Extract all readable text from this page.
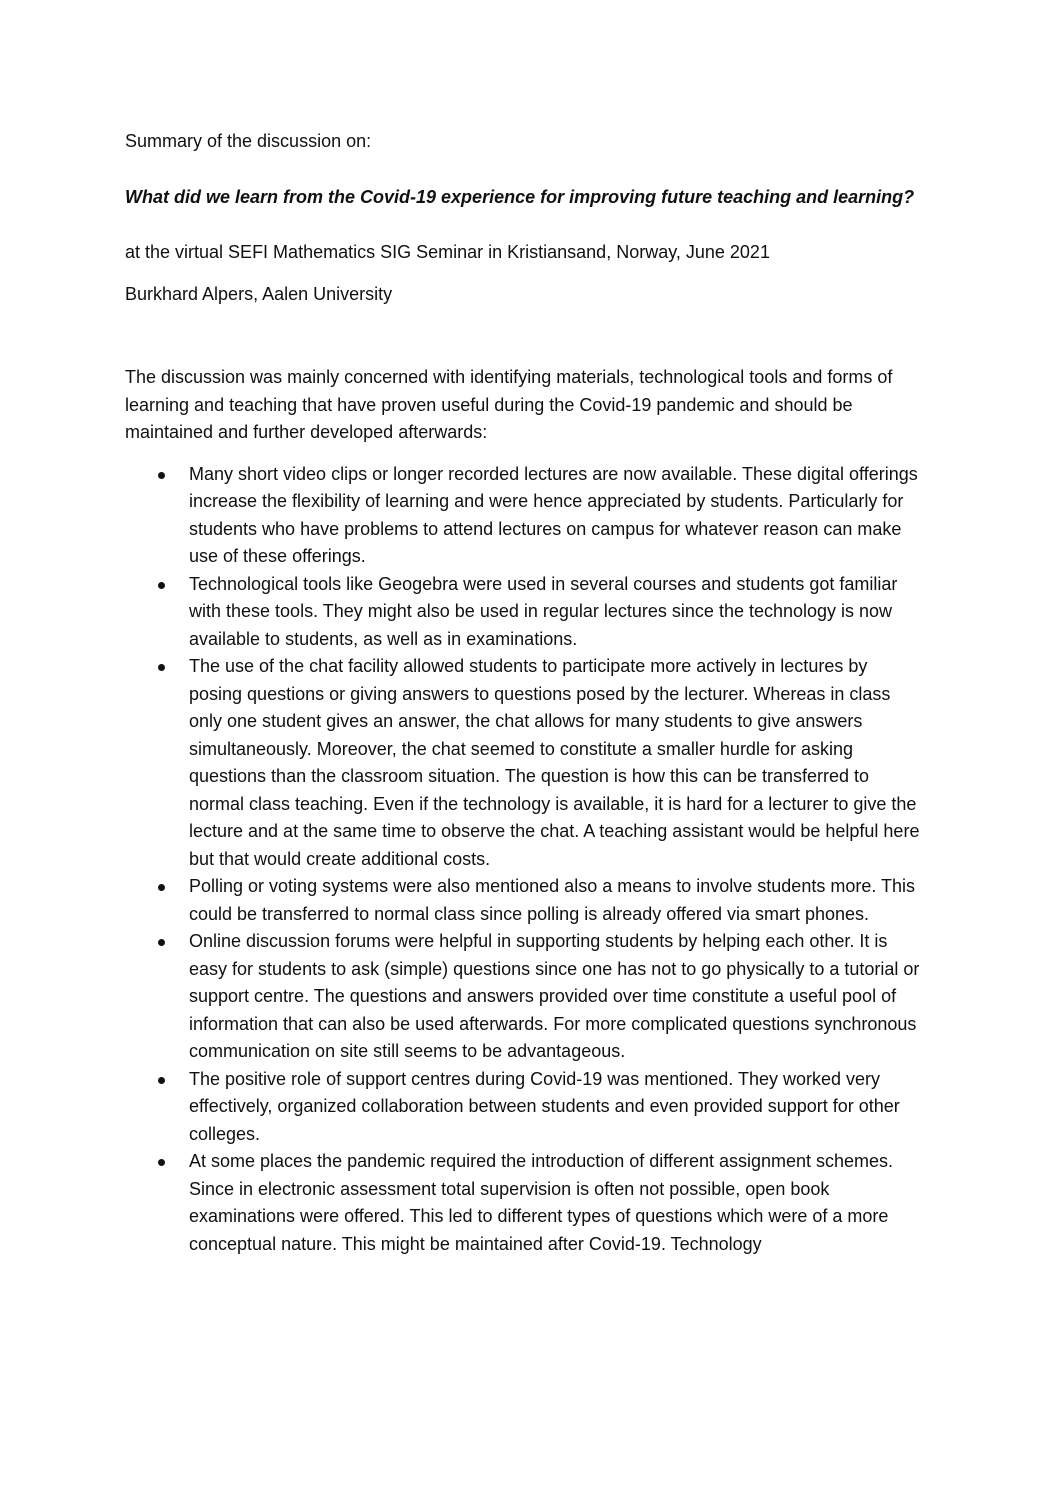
Summary of the discussion on:

What did we learn from the Covid-19 experience for improving future teaching and learning?

at the virtual SEFI Mathematics SIG Seminar in Kristiansand, Norway, June 2021

Burkhard Alpers, Aalen University

The discussion was mainly concerned with identifying materials, technological tools and forms of learning and teaching that have proven useful during the Covid-19 pandemic and should be maintained and further developed afterwards:

Many short video clips or longer recorded lectures are now available. These digital offerings increase the flexibility of learning and were hence appreciated by students. Particularly for students who have problems to attend lectures on campus for whatever reason can make use of these offerings.
Technological tools like Geogebra were used in several courses and students got familiar with these tools. They might also be used in regular lectures since the technology is now available to students, as well as in examinations.
The use of the chat facility allowed students to participate more actively in lectures by posing questions or giving answers to questions posed by the lecturer. Whereas in class only one student gives an answer, the chat allows for many students to give answers simultaneously. Moreover, the chat seemed to constitute a smaller hurdle for asking questions than the classroom situation. The question is how this can be transferred to normal class teaching. Even if the technology is available, it is hard for a lecturer to give the lecture and at the same time to observe the chat. A teaching assistant would be helpful here but that would create additional costs.
Polling or voting systems were also mentioned also a means to involve students more. This could be transferred to normal class since polling is already offered via smart phones.
Online discussion forums were helpful in supporting students by helping each other. It is easy for students to ask (simple) questions since one has not to go physically to a tutorial or support centre. The questions and answers provided over time constitute a useful pool of information that can also be used afterwards. For more complicated questions synchronous communication on site still seems to be advantageous.
The positive role of support centres during Covid-19 was mentioned. They worked very effectively, organized collaboration between students and even provided support for other colleges.
At some places the pandemic required the introduction of different assignment schemes. Since in electronic assessment total supervision is often not possible, open book examinations were offered. This led to different types of questions which were of a more conceptual nature. This might be maintained after Covid-19. Technology
